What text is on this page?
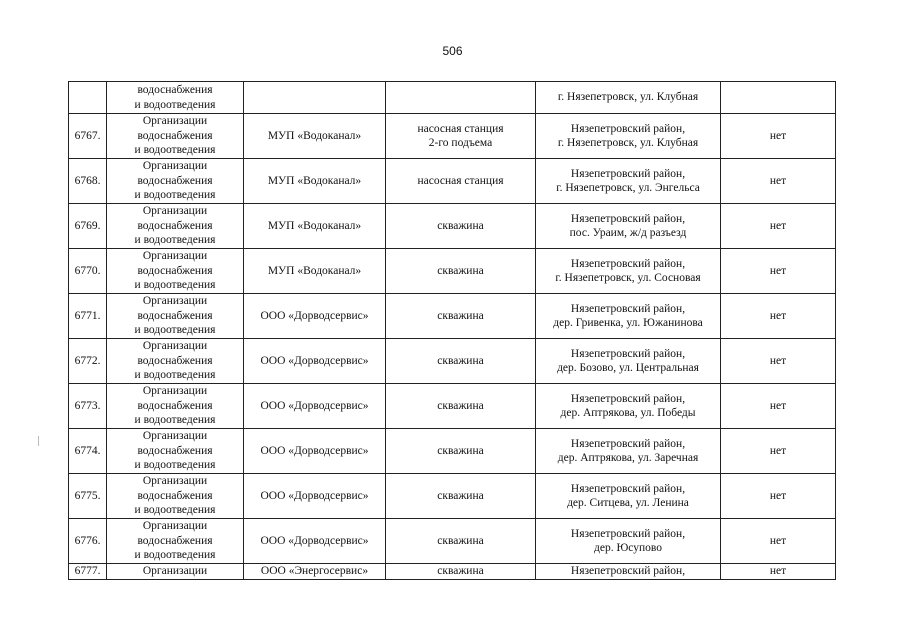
506

	водоснабжения
и водоотведения			г. Нязепетровск, ул. Клубная	

6767.	Организации
водоснабжения
и водоотведения	МУП «Водоканал»	насосная станция
2-го подъема	Нязепетровский район,
г. Нязепетровск, ул. Клубная	нет
6768.	Организации
водоснабжения
и водоотведения	МУП «Водоканал»	насосная станция	Нязепетровский район,
г. Нязепетровск, ул. Энгельса	нет
6769.	Организации
водоснабжения
и водоотведения	МУП «Водоканал»	скважина	Нязепетровский район,
пос. Ураим, ж/д разъезд	нет
6770.	Организации
водоснабжения
и водоотведения	МУП «Водоканал»	скважина	Нязепетровский район,
г. Нязепетровск, ул. Сосновая	нет
6771.	Организации
водоснабжения
и водоотведения	ООО «Дорводсервис»	скважина	Нязепетровский район,
дер. Гривенка, ул. Южанинова	нет
6772.	Организации
водоснабжения
и водоотведения	ООО «Дорводсервис»	скважина	Нязепетровский район,
дер. Бозово, ул. Центральная	нет
6773.	Организации
водоснабжения
и водоотведения	ООО «Дорводсервис»	скважина	Нязепетровский район,
дер. Аптрякова, ул. Победы	нет
6774.	Организации
водоснабжения
и водоотведения	ООО «Дорводсервис»	скважина	Нязепетровский район,
дер. Аптрякова, ул. Заречная	нет
6775.	Организации
водоснабжения
и водоотведения	ООО «Дорводсервис»	скважина	Нязепетровский район,
дер. Ситцева, ул. Ленина	нет
6776.	Организации
водоснабжения
и водоотведения	ООО «Дорводсервис»	скважина	Нязепетровский район,
дер. Юсупово	нет
6777.	Организации	ООО «Энергосервис»	скважина	Нязепетровский район,	нет
